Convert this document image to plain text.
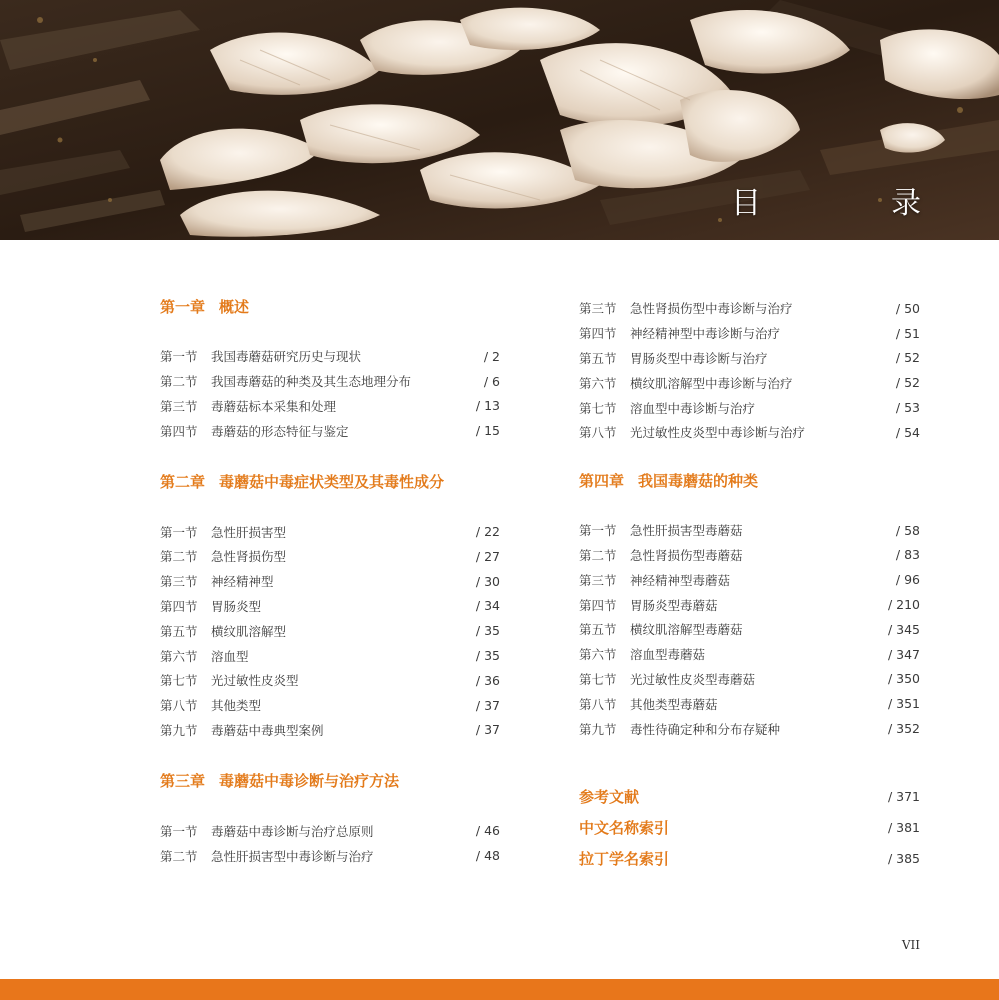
目　录
第一章 概述
第一节	我国毒蘑菇研究历史与现状	/ 2
第二节	我国毒蘑菇的种类及其生态地理分布	/ 6
第三节	毒蘑菇标本采集和处理	/ 13
第四节	毒蘑菇的形态特征与鉴定	/ 15
第二章 毒蘑菇中毒症状类型及其毒性成分
第一节	急性肝损害型	/ 22
第二节	急性肾损伤型	/ 27
第三节	神经精神型	/ 30
第四节	胃肠炎型	/ 34
第五节	横纹肌溶解型	/ 35
第六节	溶血型	/ 35
第七节	光过敏性皮炎型	/ 36
第八节	其他类型	/ 37
第九节	毒蘑菇中毒典型案例	/ 37
第三章 毒蘑菇中毒诊断与治疗方法
第一节	毒蘑菇中毒诊断与治疗总原则	/ 46
第二节	急性肝损害型中毒诊断与治疗	/ 48
第三节	急性肾损伤型中毒诊断与治疗	/ 50
第四节	神经精神型中毒诊断与治疗	/ 51
第五节	胃肠炎型中毒诊断与治疗	/ 52
第六节	横纹肌溶解型中毒诊断与治疗	/ 52
第七节	溶血型中毒诊断与治疗	/ 53
第八节	光过敏性皮炎型中毒诊断与治疗	/ 54
第四章 我国毒蘑菇的种类
第一节	急性肝损害型毒蘑菇	/ 58
第二节	急性肾损伤型毒蘑菇	/ 83
第三节	神经精神型毒蘑菇	/ 96
第四节	胃肠炎型毒蘑菇	/ 210
第五节	横纹肌溶解型毒蘑菇	/ 345
第六节	溶血型毒蘑菇	/ 347
第七节	光过敏性皮炎型毒蘑菇	/ 350
第八节	其他类型毒蘑菇	/ 351
第九节	毒性待确定种和分布存疑种	/ 352
参考文献	/ 371
中文名称索引	/ 381
拉丁学名索引	/ 385
VII
